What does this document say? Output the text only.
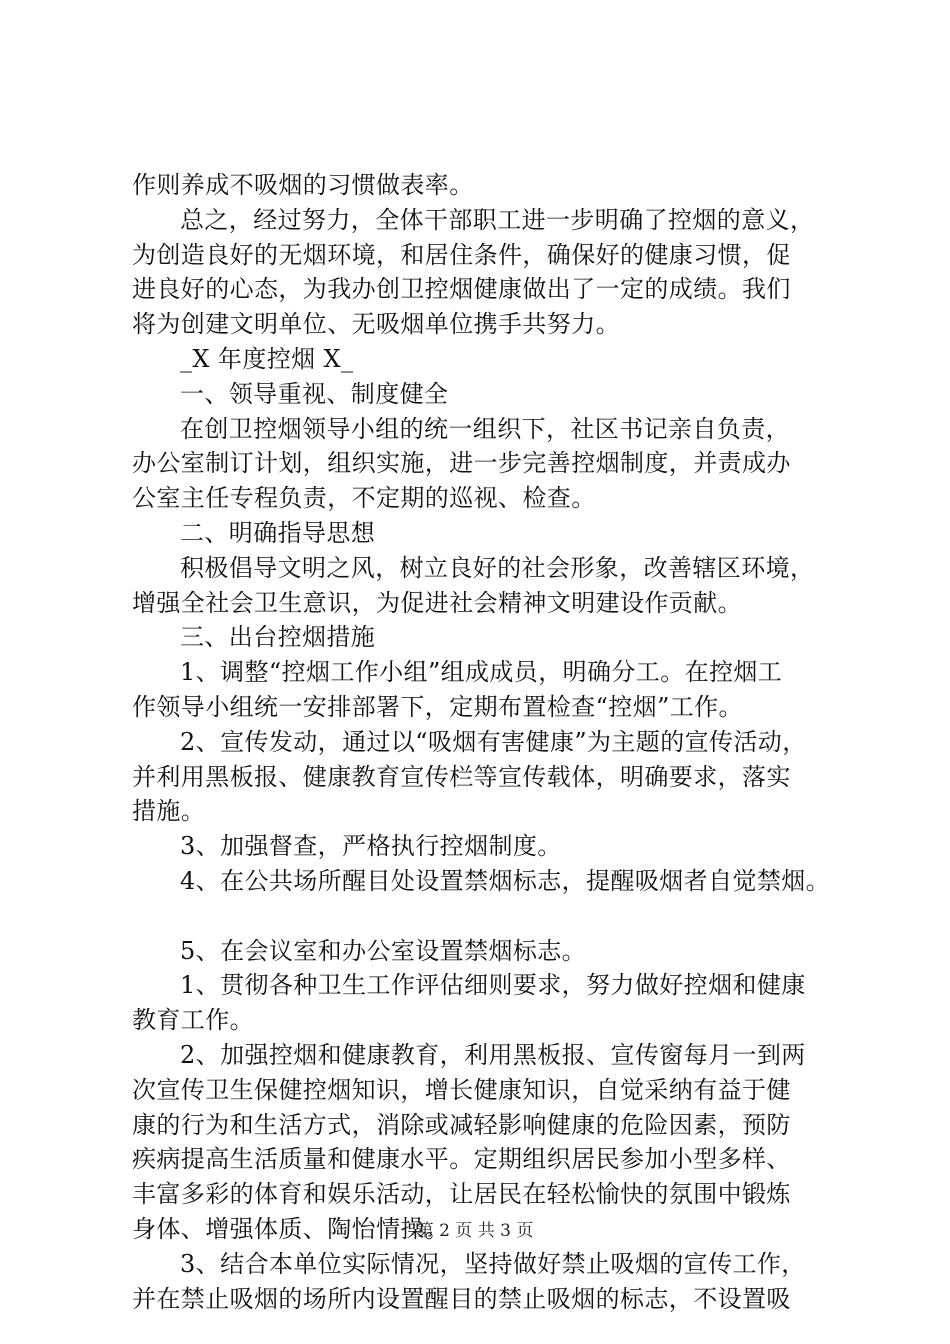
作则养成不吸烟的习惯做表率。
总之，经过努力，全体干部职工进一步明确了控烟的意义，
为创造良好的无烟环境，和居住条件，确保好的健康习惯，促
进良好的心态，为我办创卫控烟健康做出了一定的成绩。我们
将为创建文明单位、无吸烟单位携手共努力。
_X 年度控烟 X_
一、领导重视、制度健全
在创卫控烟领导小组的统一组织下，社区书记亲自负责，
办公室制订计划，组织实施，进一步完善控烟制度，并责成办
公室主任专程负责，不定期的巡视、检查。
二、明确指导思想
积极倡导文明之风，树立良好的社会形象，改善辖区环境，
增强全社会卫生意识，为促进社会精神文明建设作贡献。
三、出台控烟措施
1、调整“控烟工作小组”组成成员，明确分工。在控烟工
作领导小组统一安排部署下，定期布置检查“控烟”工作。
2、宣传发动，通过以“吸烟有害健康”为主题的宣传活动，
并利用黑板报、健康教育宣传栏等宣传载体，明确要求，落实
措施。
3、加强督查，严格执行控烟制度。
4、在公共场所醒目处设置禁烟标志，提醒吸烟者自觉禁烟。
5、在会议室和办公室设置禁烟标志。
1、贯彻各种卫生工作评估细则要求，努力做好控烟和健康
教育工作。
2、加强控烟和健康教育，利用黑板报、宣传窗每月一到两
次宣传卫生保健控烟知识，增长健康知识，自觉采纳有益于健
康的行为和生活方式，消除或减轻影响健康的危险因素，预防
疾病提高生活质量和健康水平。定期组织居民参加小型多样、
丰富多彩的体育和娱乐活动，让居民在轻松愉快的氛围中锻炼
身体、增强体质、陶怡情操。
3、结合本单位实际情况，坚持做好禁止吸烟的宣传工作，
并在禁止吸烟的场所内设置醒目的禁止吸烟的标志，不设置吸
第 2 页 共 3 页
